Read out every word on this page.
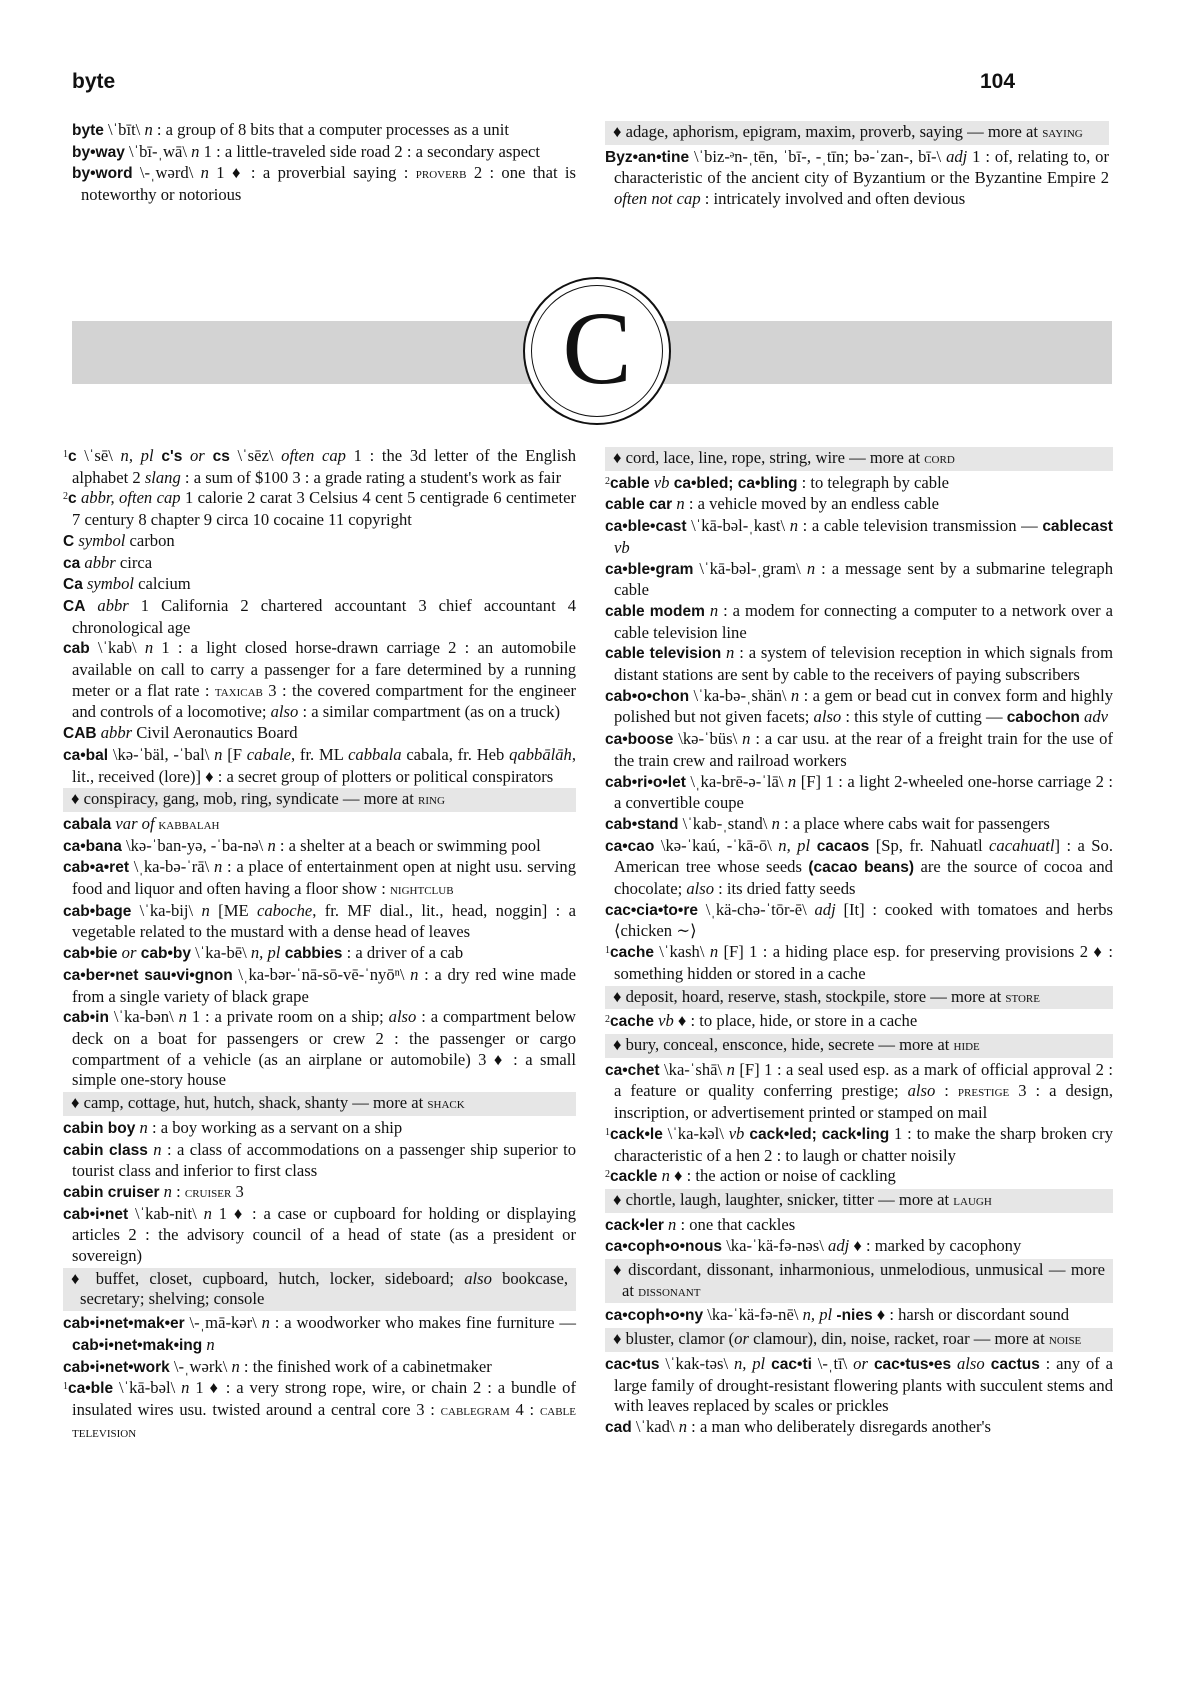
byte	104
byte \ˈbīt\ n : a group of 8 bits that a computer processes as a unit
by•way \ˈbī-ˌwā\ n 1 : a little-traveled side road 2 : a secondary aspect
by•word \-ˌwərd\ n 1 ♦ : a proverbial saying : proverb 2 : one that is noteworthy or notorious
♦ adage, aphorism, epigram, maxim, proverb, saying — more at saying
Byz•an•tine \ˈbiz-ᵊn-ˌtēn, ˈbī-, -ˌtīn; bə-ˈzan-, bī-\ adj 1 : of, relating to, or characteristic of the ancient city of Byzantium or the Byzantine Empire 2 often not cap : intricately involved and often devious
C
$^1$c \ˈsē\ n, pl c's or cs \ˈsēz\ often cap 1 : the 3d letter of the English alphabet 2 slang : a sum of $100 3 : a grade rating a student's work as fair
$^2$c abbr, often cap 1 calorie 2 carat 3 Celsius 4 cent 5 centigrade 6 centimeter 7 century 8 chapter 9 circa 10 cocaine 11 copyright
C symbol carbon
ca abbr circa
Ca symbol calcium
CA abbr 1 California 2 chartered accountant 3 chief accountant 4 chronological age
cab \ˈkab\ n 1 : a light closed horse-drawn carriage 2 : an automobile available on call to carry a passenger for a fare determined by a running meter or a flat rate : taxicab 3 : the covered compartment for the engineer and controls of a locomotive; also : a similar compartment (as on a truck)
CAB abbr Civil Aeronautics Board
ca•bal \kə-ˈbäl, -ˈbal\ n [F cabale, fr. ML cabbala cabala, fr. Heb qabbālāh, lit., received (lore)] ♦ : a secret group of plotters or political conspirators
♦ conspiracy, gang, mob, ring, syndicate — more at ring
cabala var of kabbalah
ca•bana \kə-ˈban-yə, -ˈba-nə\ n : a shelter at a beach or swimming pool
cab•a•ret \ˌka-bə-ˈrā\ n : a place of entertainment open at night usu. serving food and liquor and often having a floor show : nightclub
cab•bage \ˈka-bij\ n [ME caboche, fr. MF dial., lit., head, noggin] : a vegetable related to the mustard with a dense head of leaves
cab•bie or cab•by \ˈka-bē\ n, pl cabbies : a driver of a cab
ca•ber•net sau•vi•gnon \ˌka-bər-ˈnā-sō-vē-ˈnyōⁿ\ n : a dry red wine made from a single variety of black grape
cab•in \ˈka-bən\ n 1 : a private room on a ship; also : a compartment below deck on a boat for passengers or crew 2 : the passenger or cargo compartment of a vehicle (as an airplane or automobile) 3 ♦ : a small simple one-story house
♦ camp, cottage, hut, hutch, shack, shanty — more at shack
cabin boy n : a boy working as a servant on a ship
cabin class n : a class of accommodations on a passenger ship superior to tourist class and inferior to first class
cabin cruiser n : cruiser 3
cab•i•net \ˈkab-nit\ n 1 ♦ : a case or cupboard for holding or displaying articles 2 : the advisory council of a head of state (as a president or sovereign)
♦ buffet, closet, cupboard, hutch, locker, sideboard; also bookcase, secretary; shelving; console
cab•i•net•mak•er \-ˌmā-kər\ n : a woodworker who makes fine furniture — cab•i•net•mak•ing n
cab•i•net•work \-ˌwərk\ n : the finished work of a cabinetmaker
$^1$ca•ble \ˈkā-bəl\ n 1 ♦ : a very strong rope, wire, or chain 2 : a bundle of insulated wires usu. twisted around a central core 3 : cablegram 4 : cable television
♦ cord, lace, line, rope, string, wire — more at cord
$^2$cable vb ca•bled; ca•bling : to telegraph by cable
cable car n : a vehicle moved by an endless cable
ca•ble•cast \ˈkā-bəl-ˌkast\ n : a cable television transmission — cablecast vb
ca•ble•gram \ˈkā-bəl-ˌgram\ n : a message sent by a submarine telegraph cable
cable modem n : a modem for connecting a computer to a network over a cable television line
cable television n : a system of television reception in which signals from distant stations are sent by cable to the receivers of paying subscribers
cab•o•chon \ˈka-bə-ˌshän\ n : a gem or bead cut in convex form and highly polished but not given facets; also : this style of cutting — cabochon adv
ca•boose \kə-ˈbüs\ n : a car usu. at the rear of a freight train for the use of the train crew and railroad workers
cab•ri•o•let \ˌka-brē-ə-ˈlā\ n [F] 1 : a light 2-wheeled one-horse carriage 2 : a convertible coupe
cab•stand \ˈkab-ˌstand\ n : a place where cabs wait for passengers
ca•cao \kə-ˈkaú, -ˈkā-ō\ n, pl cacaos [Sp, fr. Nahuatl cacahuatl] : a So. American tree whose seeds (cacao beans) are the source of cocoa and chocolate; also : its dried fatty seeds
cac•cia•to•re \ˌkä-chə-ˈtōr-ē\ adj [It] : cooked with tomatoes and herbs ⟨chicken ∼⟩
$^1$cache \ˈkash\ n [F] 1 : a hiding place esp. for preserving provisions 2 ♦ : something hidden or stored in a cache
♦ deposit, hoard, reserve, stash, stockpile, store — more at store
$^2$cache vb ♦ : to place, hide, or store in a cache
♦ bury, conceal, ensconce, hide, secrete — more at hide
ca•chet \ka-ˈshā\ n [F] 1 : a seal used esp. as a mark of official approval 2 : a feature or quality conferring prestige; also : prestige 3 : a design, inscription, or advertisement printed or stamped on mail
$^1$cack•le \ˈka-kəl\ vb cack•led; cack•ling 1 : to make the sharp broken cry characteristic of a hen 2 : to laugh or chatter noisily
$^2$cackle n ♦ : the action or noise of cackling
♦ chortle, laugh, laughter, snicker, titter — more at laugh
cack•ler n : one that cackles
ca•coph•o•nous \ka-ˈkä-fə-nəs\ adj ♦ : marked by cacophony
♦ discordant, dissonant, inharmonious, unmelodious, unmusical — more at dissonant
ca•coph•o•ny \ka-ˈkä-fə-nē\ n, pl -nies ♦ : harsh or discordant sound
♦ bluster, clamor (or clamour), din, noise, racket, roar — more at noise
cac•tus \ˈkak-təs\ n, pl cac•ti \-ˌtī\ or cac•tus•es also cactus : any of a large family of drought-resistant flowering plants with succulent stems and with leaves replaced by scales or prickles
cad \ˈkad\ n : a man who deliberately disregards another's
